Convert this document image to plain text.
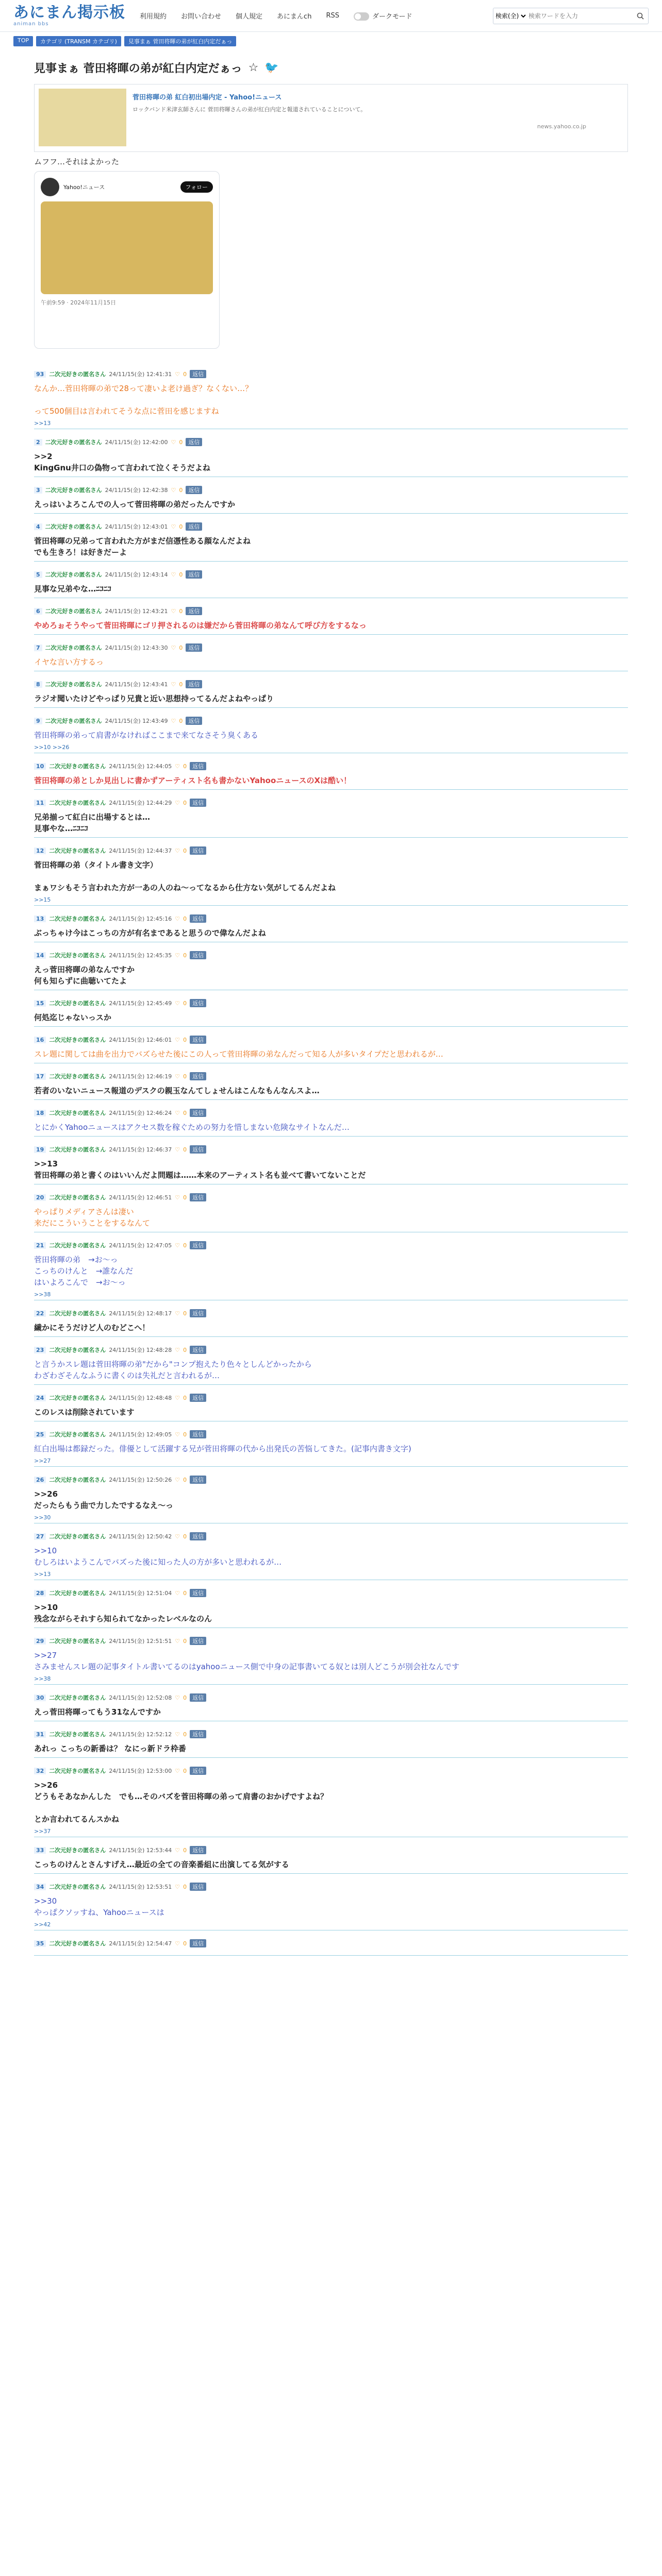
あにまん掲示板
animan bbs
利用規約 お問い合わせ 個人規定 あにまんch RSS	ダークモード
検索(全)
検索ワードを入力
TOP	カテゴリ (TRANSM カテゴリ)	見事まぁ 菅田将暉の弟が紅白内定だぁっ
見事まぁ 菅田将暉の弟が紅白内定だぁっ ☆ 🐦
菅田将暉の弟 紅白初出場内定 - Yahoo!ニュース
ロックバンド米津玄師さんに 菅田将暉さんの弟が紅白内定と報道されていることについて。
news.yahoo.co.jp
ムフフ…それはよかった
Yahoo!ニュース	フォロー
午前9:59 · 2024年11月15日
93 二次元好きの匿名さん 24/11/15(金) 12:41:31 ♡ 0	返信
なんか…菅田将暉の弟で28って凄いよ老け過ぎ？なくない…？

って500個目は言われてそうな点に菅田を感じますね
>>13
2 二次元好きの匿名さん 24/11/15(金) 12:42:00 ♡ 0	返信
>>2
KingGnu井口の偽物って言われて泣くそうだよね
3 二次元好きの匿名さん 24/11/15(金) 12:42:38 ♡ 0	返信
えっはいよろこんでの人って菅田将暉の弟だったんですか
4 二次元好きの匿名さん 24/11/15(金) 12:43:01 ♡ 0	返信
菅田将暉の兄弟って言われた方がまだ信憑性ある顔なんだよね
でも生きろ！は好きだーよ
5 二次元好きの匿名さん 24/11/15(金) 12:43:14 ♡ 0	返信
見事な兄弟やな…ﾆｺﾆｺ
6 二次元好きの匿名さん 24/11/15(金) 12:43:21 ♡ 0	返信
やめろぉそうやって菅田将暉にゴリ押されるのは嫌だから菅田将暉の弟なんて呼び方をするなっ
7 二次元好きの匿名さん 24/11/15(金) 12:43:30 ♡ 0	返信
イヤな言い方するっ
8 二次元好きの匿名さん 24/11/15(金) 12:43:41 ♡ 0	返信
ラジオ聞いたけどやっぱり兄貴と近い思想持ってるんだよねやっぱり
9 二次元好きの匿名さん 24/11/15(金) 12:43:49 ♡ 0	返信
菅田将暉の弟って肩書がなければここまで来てなさそう臭くある
>>10 >>26
10 二次元好きの匿名さん 24/11/15(金) 12:44:05 ♡ 0	返信
菅田将暉の弟としか見出しに書かずアーティスト名も書かないYahooニュースのXは酷い！
11 二次元好きの匿名さん 24/11/15(金) 12:44:29 ♡ 0	返信
兄弟揃って紅白に出場するとは…
見事やな…ﾆｺﾆｺ
12 二次元好きの匿名さん 24/11/15(金) 12:44:37 ♡ 0	返信
菅田将暉の弟（タイトル書き文字）

まぁワシもそう言われた方が一あの人のね～ってなるから仕方ない気がしてるんだよね
>>15
13 二次元好きの匿名さん 24/11/15(金) 12:45:16 ♡ 0	返信
ぶっちゃけ今はこっちの方が有名まであると思うので偉なんだよね
14 二次元好きの匿名さん 24/11/15(金) 12:45:35 ♡ 0	返信
えっ菅田将暉の弟なんですか
何も知らずに曲聴いてたよ
15 二次元好きの匿名さん 24/11/15(金) 12:45:49 ♡ 0	返信
何処迄じゃないっスか
16 二次元好きの匿名さん 24/11/15(金) 12:46:01 ♡ 0	返信
スレ題に関しては曲を出力でバズらせた後にこの人って菅田将暉の弟なんだって知る人が多いタイプだと思われるが…
17 二次元好きの匿名さん 24/11/15(金) 12:46:19 ♡ 0	返信
若者のいないニュース報道のデスクの親玉なんてしょせんはこんなもんなんスよ…
18 二次元好きの匿名さん 24/11/15(金) 12:46:24 ♡ 0	返信
とにかくYahooニュースはアクセス数を稼ぐための努力を惜しまない危険なサイトなんだ…
19 二次元好きの匿名さん 24/11/15(金) 12:46:37 ♡ 0	返信
>>13
菅田将暉の弟と書くのはいいんだよ問題は……本来のアーティスト名も並べて書いてないことだ
20 二次元好きの匿名さん 24/11/15(金) 12:46:51 ♡ 0	返信
やっぱりメディアさんは凄い
来だにこういうことをするなんて
21 二次元好きの匿名さん 24/11/15(金) 12:47:05 ♡ 0	返信
菅田将暉の弟　→お～っ
こっちのけんと　→誰なんだ
はいよろこんで　→お～っ
>>38
22 二次元好きの匿名さん 24/11/15(金) 12:48:17 ♡ 0	返信
繊かにそうだけど人のむどこへ！
23 二次元好きの匿名さん 24/11/15(金) 12:48:28 ♡ 0	返信
と言うかスレ題は菅田将暉の弟"だから"コンプ抱えたり色々としんどかったから
わざわざそんなふうに書くのは失礼だと言われるが…
24 二次元好きの匿名さん 24/11/15(金) 12:48:48 ♡ 0	返信
このレスは削除されています
25 二次元好きの匿名さん 24/11/15(金) 12:49:05 ♡ 0	返信
紅白出場は都録だった。俳優として活躍する兄が菅田将暉の代から出発氏の苦悩してきた。(記事内書き文字)
>>27
26 二次元好きの匿名さん 24/11/15(金) 12:50:26 ♡ 0	返信
>>26
だったらもう曲で力したでするなえ～っ
>>30
27 二次元好きの匿名さん 24/11/15(金) 12:50:42 ♡ 0	返信
>>10
むしろはいようこんでバズった後に知った人の方が多いと思われるが…
>>13
28 二次元好きの匿名さん 24/11/15(金) 12:51:04 ♡ 0	返信
>>10
残念ながらそれすら知られてなかったレベルなのん
29 二次元好きの匿名さん 24/11/15(金) 12:51:51 ♡ 0	返信
>>27
さみませんスレ題の記事タイトル書いてるのはyahooニュース側で中身の記事書いてる奴とは別人どこうが別会社なんです
>>38
30 二次元好きの匿名さん 24/11/15(金) 12:52:08 ♡ 0	返信
えっ菅田将暉ってもう31なんですか
31 二次元好きの匿名さん 24/11/15(金) 12:52:12 ♡ 0	返信
あれっ こっちの新番は？ なにっ新ドラ枠番
32 二次元好きの匿名さん 24/11/15(金) 12:53:00 ♡ 0	返信
>>26
どうもそあなかんした　でも…そのバズを菅田将暉の弟って肩書のおかげですよね？

とか言われてるんスかね
>>37
33 二次元好きの匿名さん 24/11/15(金) 12:53:44 ♡ 0	返信
こっちのけんとさんすげえ…最近の全ての音楽番組に出演してる気がする
34 二次元好きの匿名さん 24/11/15(金) 12:53:51 ♡ 0	返信
>>30
やっぱクソッすね、Yahooニュースは
>>42
35 二次元好きの匿名さん 24/11/15(金) 12:54:47 ♡ 0	返信
